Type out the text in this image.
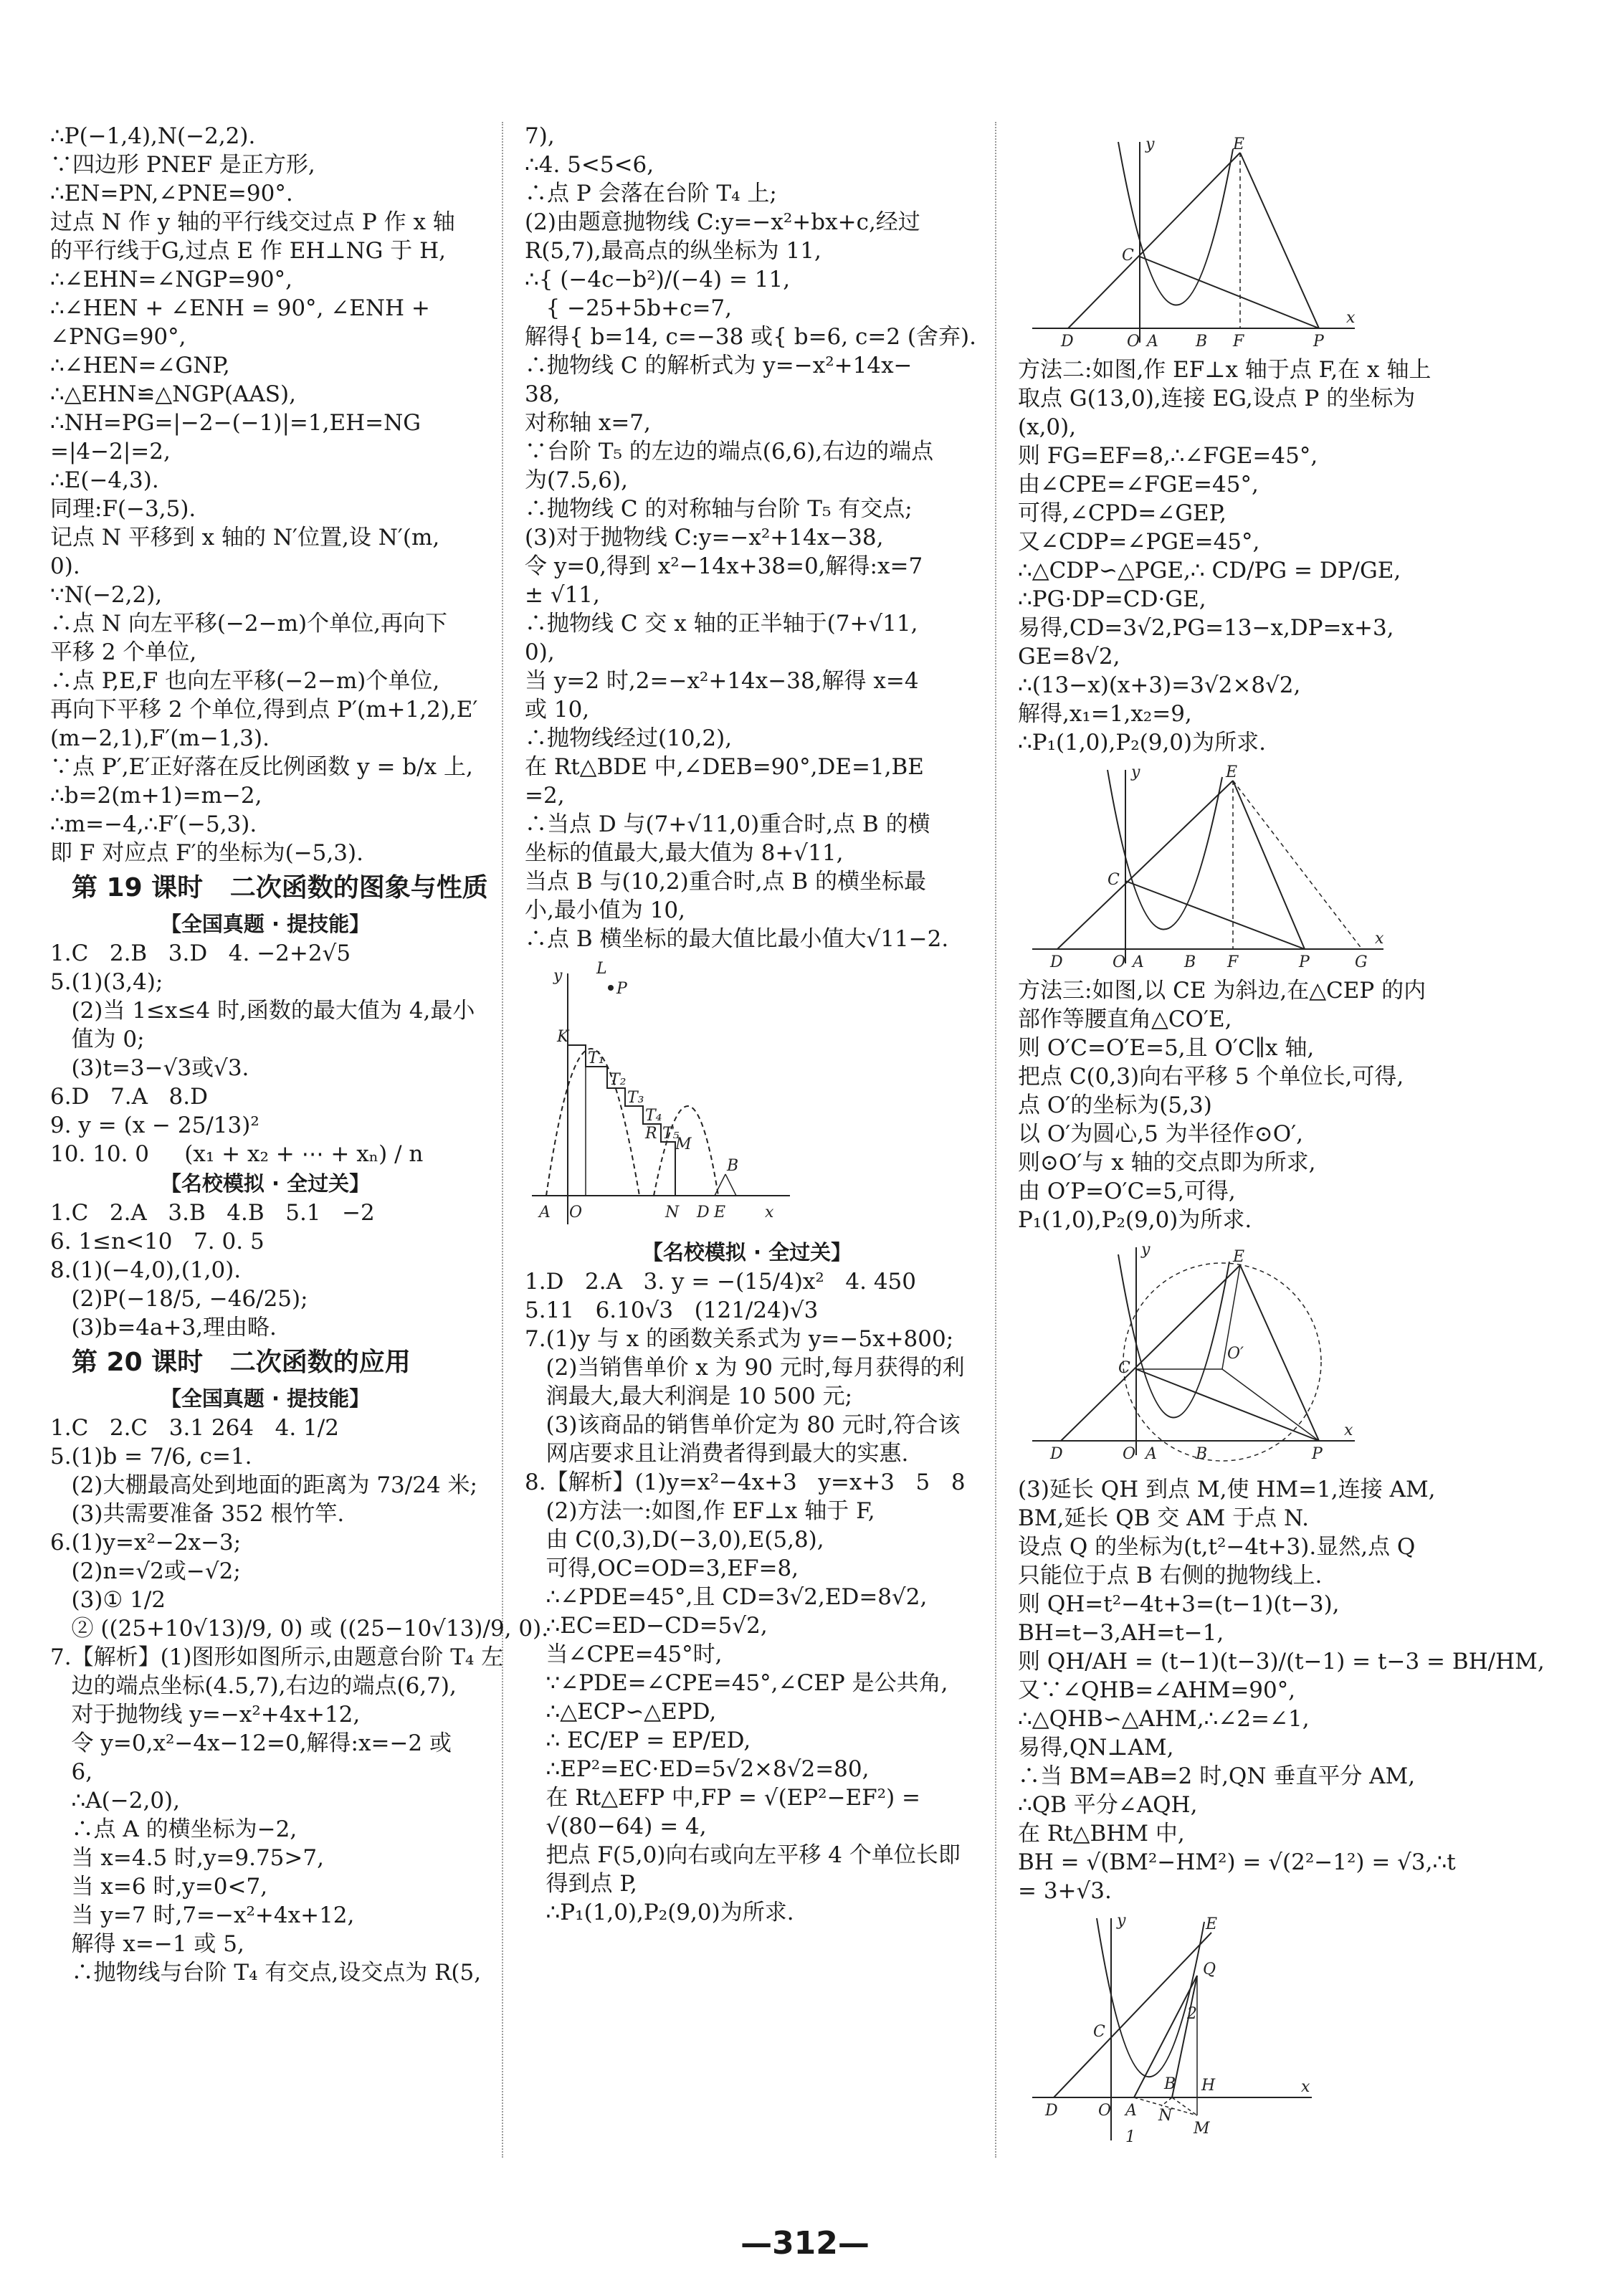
∴P(−1,4),N(−2,2).
∵四边形 PNEF 是正方形,
∴EN=PN,∠PNE=90°.
过点 N 作 y 轴的平行线交过点 P 作 x 轴
的平行线于G,过点 E 作 EH⊥NG 于 H,
∴∠EHN=∠NGP=90°,
∴∠HEN + ∠ENH = 90°, ∠ENH +
∠PNG=90°,
∴∠HEN=∠GNP,
∴△EHN≌△NGP(AAS),
∴NH=PG=|−2−(−1)|=1,EH=NG
=|4−2|=2,
∴E(−4,3).
同理:F(−3,5).
记点 N 平移到 x 轴的 N′位置,设 N′(m,
0).
∵N(−2,2),
∴点 N 向左平移(−2−m)个单位,再向下
平移 2 个单位,
∴点 P,E,F 也向左平移(−2−m)个单位,
再向下平移 2 个单位,得到点 P′(m+1,2),E′
(m−2,1),F′(m−1,3).
∵点 P′,E′正好落在反比例函数 y = b/x 上,
∴b=2(m+1)=m−2,
∴m=−4,∴F′(−5,3).
即 F 对应点 F′的坐标为(−5,3).
第 19 课时   二次函数的图象与性质
【全国真题 · 提技能】
1.C   2.B   3.D   4. −2+2√5
5.(1)(3,4);
(2)当 1≤x≤4 时,函数的最大值为 4,最小
值为 0;
(3)t=3−√3或√3.
6.D   7.A   8.D
9. y = (x − 25/13)²
10. 10. 0     (x₁ + x₂ + ⋯ + xₙ) / n
【名校模拟 · 全过关】
1.C   2.A   3.B   4.B   5.1   −2
6. 1≤n<10   7. 0. 5
8.(1)(−4,0),(1,0).
(2)P(−18/5, −46/25);
(3)b=4a+3,理由略.
第 20 课时   二次函数的应用
【全国真题 · 提技能】
1.C   2.C   3.1 264   4. 1/2
5.(1)b = 7/6, c=1.
(2)大棚最高处到地面的距离为 73/24 米;
(3)共需要准备 352 根竹竿.
6.(1)y=x²−2x−3;
(2)n=√2或−√2;
(3)① 1/2
② ((25+10√13)/9, 0) 或 ((25−10√13)/9, 0).
7.【解析】(1)图形如图所示,由题意台阶 T₄ 左
边的端点坐标(4.5,7),右边的端点(6,7),
对于抛物线 y=−x²+4x+12,
令 y=0,x²−4x−12=0,解得:x=−2 或
6,
∴A(−2,0),
∴点 A 的横坐标为−2,
当 x=4.5 时,y=9.75>7,
当 x=6 时,y=0<7,
当 y=7 时,7=−x²+4x+12,
解得 x=−1 或 5,
∴抛物线与台阶 T₄ 有交点,设交点为 R(5,
7),
∴4. 5<5<6,
∴点 P 会落在台阶 T₄ 上;
(2)由题意抛物线 C:y=−x²+bx+c,经过
R(5,7),最高点的纵坐标为 11,
∴{ (−4c−b²)/(−4) = 11,
{ −25+5b+c=7,
解得{ b=14, c=−38 或{ b=6, c=2 (舍弃).
∴抛物线 C 的解析式为 y=−x²+14x−
38,
对称轴 x=7,
∵台阶 T₅ 的左边的端点(6,6),右边的端点
为(7.5,6),
∴抛物线 C 的对称轴与台阶 T₅ 有交点;
(3)对于抛物线 C:y=−x²+14x−38,
令 y=0,得到 x²−14x+38=0,解得:x=7
± √11,
∴抛物线 C 交 x 轴的正半轴于(7+√11,
0),
当 y=2 时,2=−x²+14x−38,解得 x=4
或 10,
∴抛物线经过(10,2),
在 Rt△BDE 中,∠DEB=90°,DE=1,BE
=2,
∴当点 D 与(7+√11,0)重合时,点 B 的横
坐标的值最大,最大值为 8+√11,
当点 B 与(10,2)重合时,点 B 的横坐标最
小,最小值为 10,
∴点 B 横坐标的最大值比最小值大√11−2.
y L
P
K
T₁
T₂
T₃
T₄
R T₅
M
B
A O	N D E x
【名校模拟 · 全过关】
1.D   2.A   3. y = −(15/4)x²   4. 450
5.11   6.10√3   (121/24)√3
7.(1)y 与 x 的函数关系式为 y=−5x+800;
(2)当销售单价 x 为 90 元时,每月获得的利
润最大,最大利润是 10 500 元;
(3)该商品的销售单价定为 80 元时,符合该
网店要求且让消费者得到最大的实惠.
8.【解析】(1)y=x²−4x+3   y=x+3   5   8
(2)方法一:如图,作 EF⊥x 轴于 F,
由 C(0,3),D(−3,0),E(5,8),
可得,OC=OD=3,EF=8,
∴∠PDE=45°,且 CD=3√2,ED=8√2,
∴EC=ED−CD=5√2,
当∠CPE=45°时,
∵∠PDE=∠CPE=45°,∠CEP 是公共角,
∴△ECP∽△EPD,
∴ EC/EP = EP/ED,
∴EP²=EC·ED=5√2×8√2=80,
在 Rt△EFP 中,FP = √(EP²−EF²) =
√(80−64) = 4,
把点 F(5,0)向右或向左平移 4 个单位长即
得到点 P,
∴P₁(1,0),P₂(9,0)为所求.
y	E
C
D	O A B F	P
x
方法二:如图,作 EF⊥x 轴于点 F,在 x 轴上
取点 G(13,0),连接 EG,设点 P 的坐标为
(x,0),
则 FG=EF=8,∴∠FGE=45°,
由∠CPE=∠FGE=45°,
可得,∠CPD=∠GEP,
又∠CDP=∠PGE=45°,
∴△CDP∽△PGE,∴ CD/PG = DP/GE,
∴PG·DP=CD·GE,
易得,CD=3√2,PG=13−x,DP=x+3,
GE=8√2,
∴(13−x)(x+3)=3√2×8√2,
解得,x₁=1,x₂=9,
∴P₁(1,0),P₂(9,0)为所求.
y	E
C
D	O A	B F	P	G
x
方法三:如图,以 CE 为斜边,在△CEP 的内
部作等腰直角△CO′E,
则 O′C=O′E=5,且 O′C∥x 轴,
把点 C(0,3)向右平移 5 个单位长,可得,
点 O′的坐标为(5,3)
以 O′为圆心,5 为半径作⊙O′,
则⊙O′与 x 轴的交点即为所求,
由 O′P=O′C=5,可得,
P₁(1,0),P₂(9,0)为所求.
y	E
C
O′
D	O A B	P
x
(3)延长 QH 到点 M,使 HM=1,连接 AM,
BM,延长 QB 交 AM 于点 N.
设点 Q 的坐标为(t,t²−4t+3).显然,点 Q
只能位于点 B 右侧的抛物线上.
则 QH=t²−4t+3=(t−1)(t−3),
BH=t−3,AH=t−1,
则 QH/AH = (t−1)(t−3)/(t−1) = t−3 = BH/HM,
又∵∠QHB=∠AHM=90°,
∴△QHB∽△AHM,∴∠2=∠1,
易得,QN⊥AM,
∴当 BM=AB=2 时,QN 垂直平分 AM,
∴QB 平分∠AQH,
在 Rt△BHM 中,
BH = √(BM²−HM²) = √(2²−1²) = √3,∴t
= 3+√3.
y	E
Q
C
2
B H
D	O A N
M
x
1
—312—
